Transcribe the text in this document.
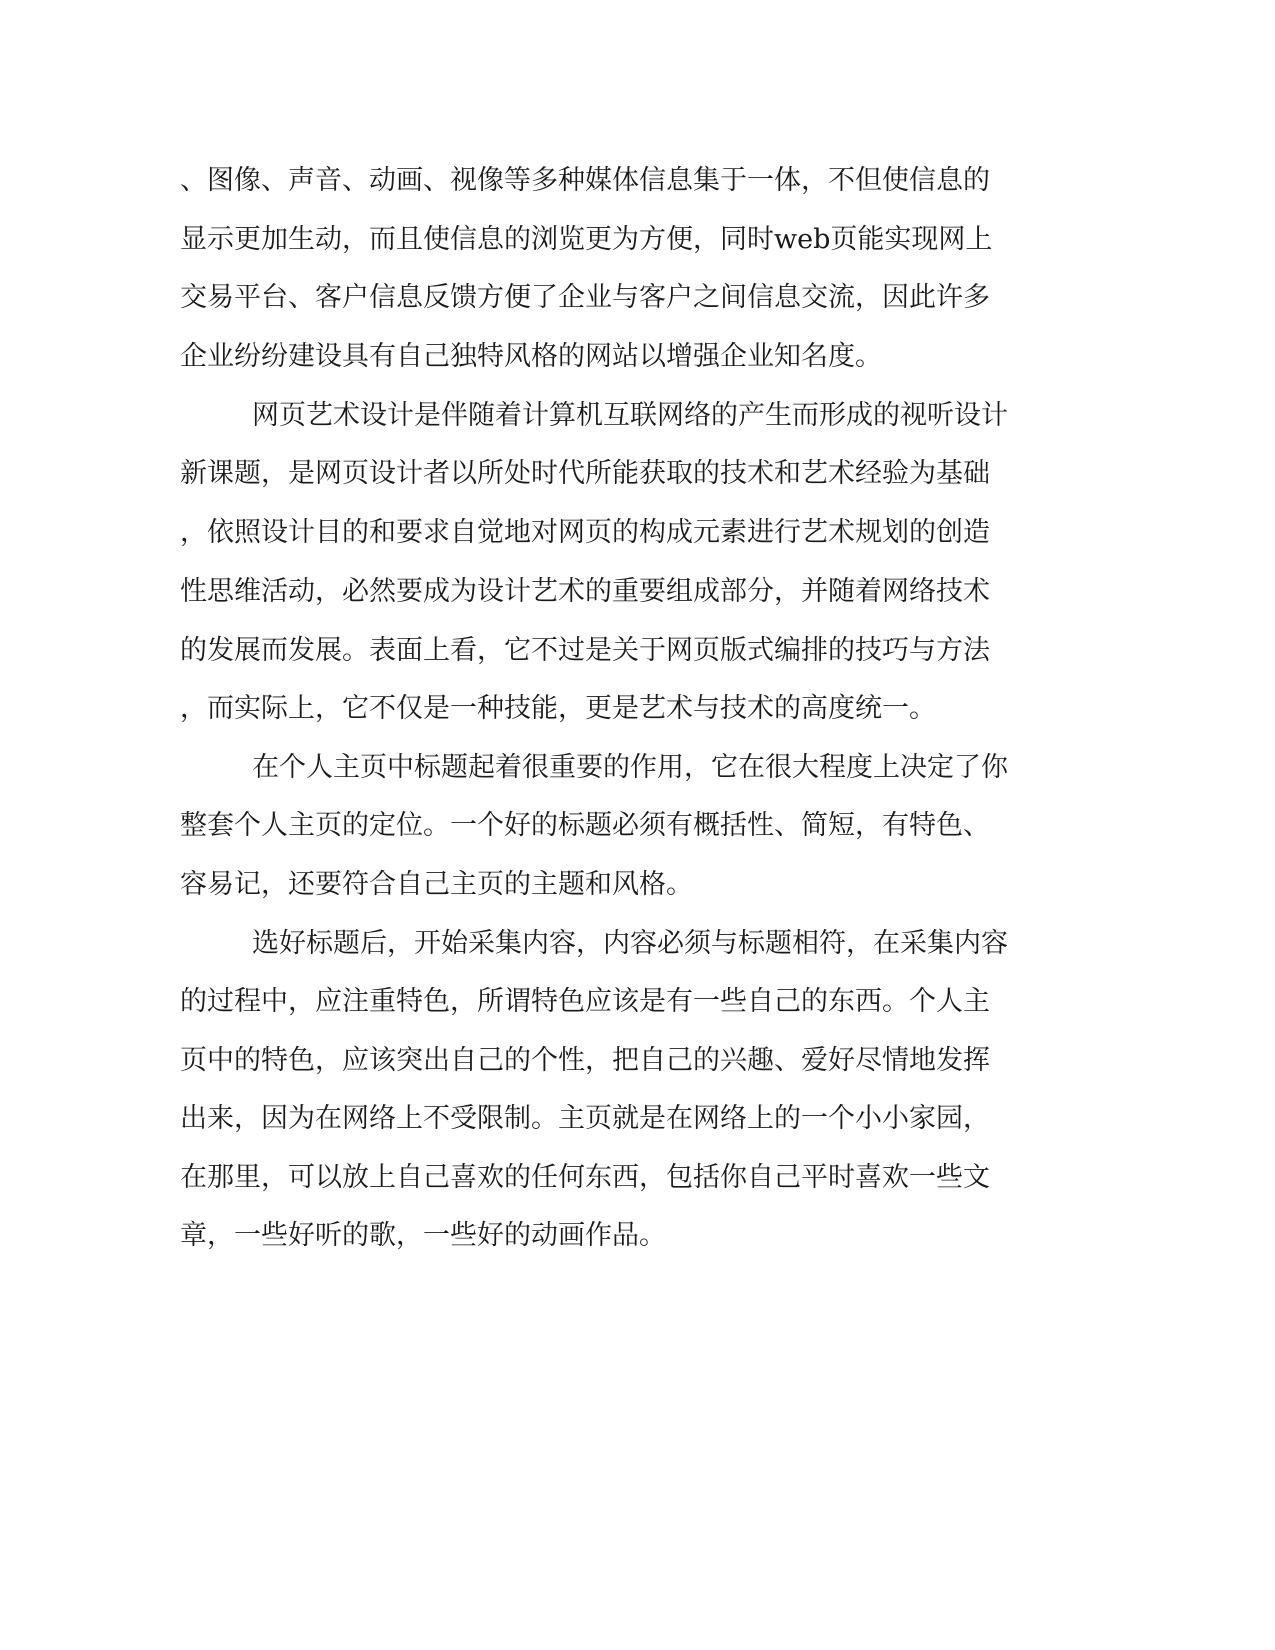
、图像、声音、动画、视像等多种媒体信息集于一体，不但使信息的
显示更加生动，而且使信息的浏览更为方便，同时web页能实现网上
交易平台、客户信息反馈方便了企业与客户之间信息交流，因此许多
企业纷纷建设具有自己独特风格的网站以增强企业知名度。
网页艺术设计是伴随着计算机互联网络的产生而形成的视听设计
新课题，是网页设计者以所处时代所能获取的技术和艺术经验为基础
，依照设计目的和要求自觉地对网页的构成元素进行艺术规划的创造
性思维活动，必然要成为设计艺术的重要组成部分，并随着网络技术
的发展而发展。表面上看，它不过是关于网页版式编排的技巧与方法
，而实际上，它不仅是一种技能，更是艺术与技术的高度统一。
在个人主页中标题起着很重要的作用，它在很大程度上决定了你
整套个人主页的定位。一个好的标题必须有概括性、简短，有特色、
容易记，还要符合自己主页的主题和风格。
选好标题后，开始采集内容，内容必须与标题相符，在采集内容
的过程中，应注重特色，所谓特色应该是有一些自己的东西。个人主
页中的特色，应该突出自己的个性，把自己的兴趣、爱好尽情地发挥
出来，因为在网络上不受限制。主页就是在网络上的一个小小家园，
在那里，可以放上自己喜欢的任何东西，包括你自己平时喜欢一些文
章，一些好听的歌，一些好的动画作品。
